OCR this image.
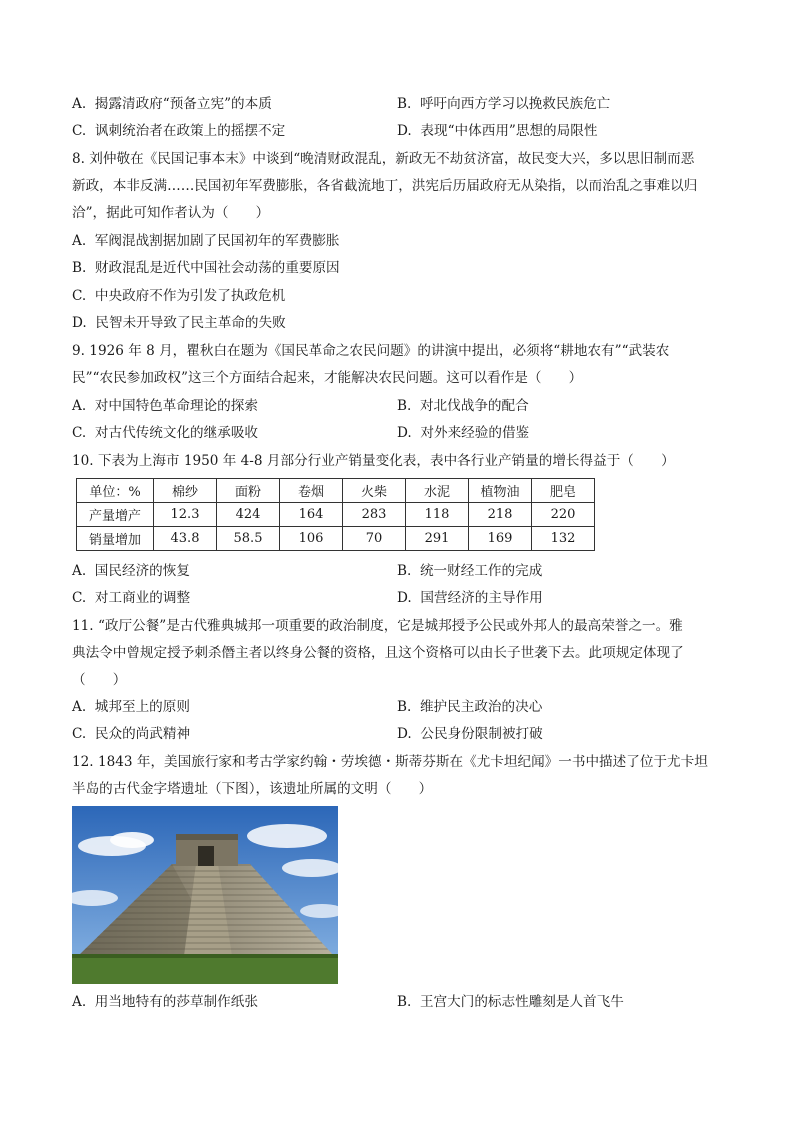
A. 揭露清政府“预备立宪”的本质	B. 呼吁向西方学习以挽救民族危亡
C. 讽刺统治者在政策上的摇摆不定	D. 表现“中体西用”思想的局限性
8. 刘仲敬在《民国记事本末》中谈到“晚清财政混乱，新政无不劫贫济富，故民变大兴，多以思旧制而恶
新政，本非反满……民国初年军费膨胀，各省截流地丁，洪宪后历届政府无从染指，以而治乱之事难以归
洽”，据此可知作者认为（　　）
A. 军阀混战割据加剧了民国初年的军费膨胀
B. 财政混乱是近代中国社会动荡的重要原因
C. 中央政府不作为引发了执政危机
D. 民智未开导致了民主革命的失败
9. 1926 年 8 月，瞿秋白在题为《国民革命之农民问题》的讲演中提出，必须将“耕地农有”“武装农
民”“农民参加政权”这三个方面结合起来，才能解决农民问题。这可以看作是（　　）
A. 对中国特色革命理论的探索	B. 对北伐战争的配合
C. 对古代传统文化的继承吸收	D. 对外来经验的借鉴
10. 下表为上海市 1950 年 4-8 月部分行业产销量变化表，表中各行业产销量的增长得益于（　　）
单位：%	棉纱	面粉	卷烟	火柴	水泥	植物油	肥皂
产量增产	12.3	424	164	283	118	218	220
销量增加	43.8	58.5	106	70	291	169	132
A. 国民经济的恢复	B. 统一财经工作的完成
C. 对工商业的调整	D. 国营经济的主导作用
11. “政厅公餐”是古代雅典城邦一项重要的政治制度，它是城邦授予公民或外邦人的最高荣誉之一。雅
典法令中曾规定授予刺杀僭主者以终身公餐的资格，且这个资格可以由长子世袭下去。此项规定体现了
（　　）
A. 城邦至上的原则	B. 维护民主政治的决心
C. 民众的尚武精神	D. 公民身份限制被打破
12. 1843 年，美国旅行家和考古学家约翰・劳埃德・斯蒂芬斯在《尤卡坦纪闻》一书中描述了位于尤卡坦
半岛的古代金字塔遗址（下图），该遗址所属的文明（　　）
A. 用当地特有的莎草制作纸张	B. 王宫大门的标志性雕刻是人首飞牛
